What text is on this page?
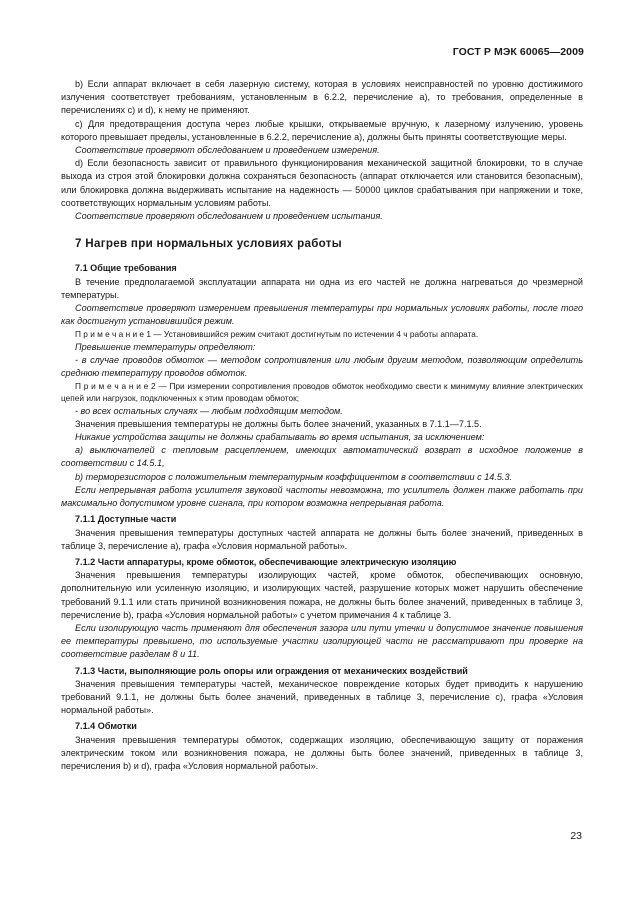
ГОСТ Р МЭК 60065—2009

b) Если аппарат включает в себя лазерную систему, которая в условиях неисправностей по уровню достижимого излучения соответствует требованиям, установленным в 6.2.2, перечисление а), то требования, определенные в перечислениях с) и d), к нему не применяют.

с) Для предотвращения доступа через любые крышки, открываемые вручную, к лазерному излучению, уровень которого превышает пределы, установленные в 6.2.2, перечисление а), должны быть приняты соответствующие меры.

Соответствие проверяют обследованием и проведением измерения.

d) Если безопасность зависит от правильного функционирования механической защитной блокировки, то в случае выхода из строя этой блокировки должна сохраняться безопасность (аппарат отключается или становится безопасным), или блокировка должна выдерживать испытание на надежность — 50000 циклов срабатывания при напряжении и токе, соответствующих нормальным условиям работы.

Соответствие проверяют обследованием и проведением испытания.

7 Нагрев при нормальных условиях работы

7.1 Общие требования

В течение предполагаемой эксплуатации аппарата ни одна из его частей не должна нагреваться до чрезмерной температуры.

Соответствие проверяют измерением превышения температуры при нормальных условиях работы, после того как достигнут установившийся режим.

П р и м е ч а н и е 1 — Установившийся режим считают достигнутым по истечении 4 ч работы аппарата.

Превышение температуры определяют:

- в случае проводов обмоток — методом сопротивления или любым другим методом, позволяющим определить среднюю температуру проводов обмоток.

П р и м е ч а н и е 2 — При измерении сопротивления проводов обмоток необходимо свести к минимуму влияние электрических цепей или нагрузок, подключенных к этим проводам обмоток;

- во всех остальных случаях — любым подходящим методом.

Значения превышения температуры не должны быть более значений, указанных в 7.1.1—7.1.5.

Никакие устройства защиты не должны срабатывать во время испытания, за исключением:

а) выключателей с тепловым расцеплением, имеющих автоматический возврат в исходное положение в соответствии с 14.5.1,

b) терморезисторов с положительным температурным коэффициентом в соответствии с 14.5.3.

Если непрерывная работа усилителя звуковой частоты невозможна, то усилитель должен также работать при максимально допустимом уровне сигнала, при котором возможна непрерывная работа.

7.1.1 Доступные части

Значения превышения температуры доступных частей аппарата не должны быть более значений, приведенных в таблице 3, перечисление а), графа «Условия нормальной работы».

7.1.2 Части аппаратуры, кроме обмоток, обеспечивающие электрическую изоляцию

Значения превышения температуры изолирующих частей, кроме обмоток, обеспечивающих основную, дополнительную или усиленную изоляцию, и изолирующих частей, разрушение которых может нарушить обеспечение требований 9.1.1 или стать причиной возникновения пожара, не должны быть более значений, приведенных в таблице 3, перечисление b), графа «Условия нормальной работы» с учетом примечания 4 к таблице 3.

Если изолирующую часть применяют для обеспечения зазора или пути утечки и допустимое значение повышения ее температуры превышено, то используемые участки изолирующей части не рассматривают при проверке на соответствие разделам 8 и 11.

7.1.3 Части, выполняющие роль опоры или ограждения от механических воздействий

Значения превышения температуры частей, механическое повреждение которых будет приводить к нарушению требований 9.1.1, не должны быть более значений, приведенных в таблице 3, перечисление с), графа «Условия нормальной работы».

7.1.4 Обмотки

Значения превышения температуры обмоток, содержащих изоляцию, обеспечивающую защиту от поражения электрическим током или возникновения пожара, не должны быть более значений, приведенных в таблице 3, перечисления b) и d), графа «Условия нормальной работы».

23
